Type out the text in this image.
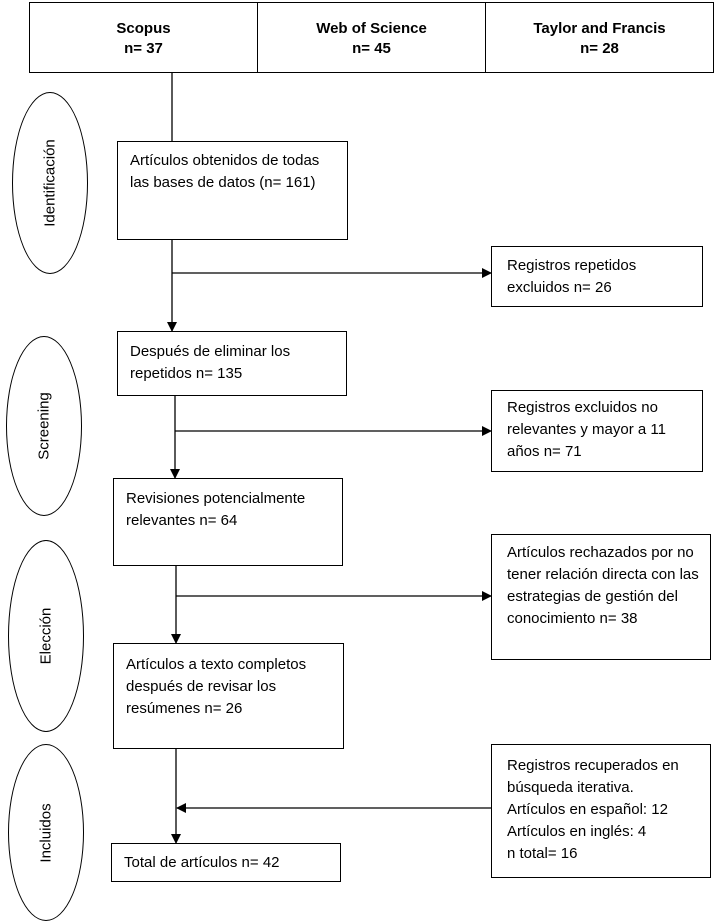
Scopus
n= 37
Web of Science
n= 45
Taylor and Francis
n= 28
Identificación
Screening
Elección
Incluidos
Artículos obtenidos de todas las bases de datos (n= 161)
Después de eliminar los repetidos n= 135
Revisiones potencialmente relevantes n= 64
Artículos a texto completos después de revisar los resúmenes n= 26
Total de artículos n= 42
Registros repetidos excluidos n= 26
Registros excluidos no relevantes y mayor a 11 años n= 71
Artículos rechazados por no tener relación directa con las estrategias de gestión del conocimiento n= 38
Registros recuperados en búsqueda iterativa.
Artículos en español: 12
Artículos en inglés: 4
n total= 16
